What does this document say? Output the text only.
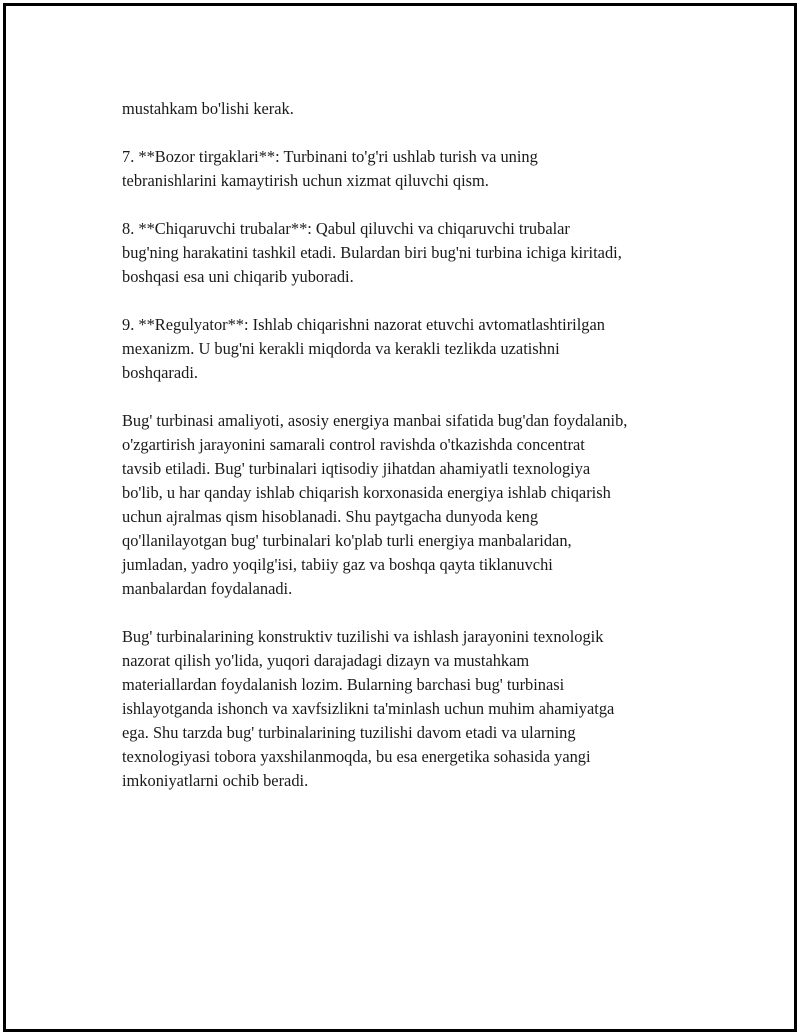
mustahkam bo'lishi kerak.
7. **Bozor tirgaklari**: Turbinani to'g'ri ushlab turish va uning
tebranishlarini kamaytirish uchun xizmat qiluvchi qism.
8. **Chiqaruvchi trubalar**: Qabul qiluvchi va chiqaruvchi trubalar
bug'ning harakatini tashkil etadi. Bulardan biri bug'ni turbina ichiga kiritadi,
boshqasi esa uni chiqarib yuboradi.
9. **Regulyator**: Ishlab chiqarishni nazorat etuvchi avtomatlashtirilgan
mexanizm. U bug'ni kerakli miqdorda va kerakli tezlikda uzatishni
boshqaradi.
Bug' turbinasi amaliyoti, asosiy energiya manbai sifatida bug'dan foydalanib,
o'zgartirish jarayonini samarali control ravishda o'tkazishda concentrat
tavsib etiladi. Bug' turbinalari iqtisodiy jihatdan ahamiyatli texnologiya
bo'lib, u har qanday ishlab chiqarish korxonasida energiya ishlab chiqarish
uchun ajralmas qism hisoblanadi. Shu paytgacha dunyoda keng
qo'llanilayotgan bug' turbinalari ko'plab turli energiya manbalaridan,
jumladan, yadro yoqilg'isi, tabiiy gaz va boshqa qayta tiklanuvchi
manbalardan foydalanadi.
Bug' turbinalarining konstruktiv tuzilishi va ishlash jarayonini texnologik
nazorat qilish yo'lida, yuqori darajadagi dizayn va mustahkam
materiallardan foydalanish lozim. Bularning barchasi bug' turbinasi
ishlayotganda ishonch va xavfsizlikni ta'minlash uchun muhim ahamiyatga
ega. Shu tarzda bug' turbinalarining tuzilishi davom etadi va ularning
texnologiyasi tobora yaxshilanmoqda, bu esa energetika sohasida yangi
imkoniyatlarni ochib beradi.
